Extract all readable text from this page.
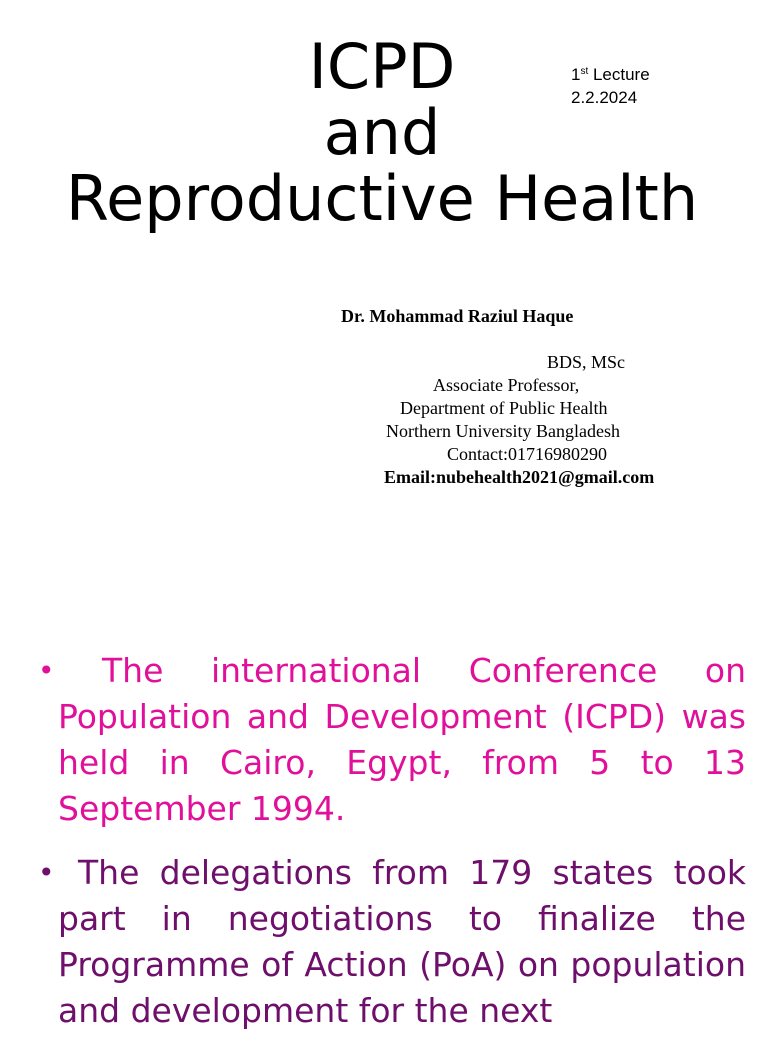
ICPD
and
Reproductive Health
1st Lecture
2.2.2024
Dr. Mohammad Raziul Haque
BDS, MSc
Associate Professor,
Department of Public Health
Northern University Bangladesh
Contact:01716980290
Email:nubehealth2021@gmail.com
•	The international Conference on Population and Development (ICPD) was held in Cairo, Egypt, from 5 to 13 September 1994.
• The delegations from 179 states took part in negotiations to finalize the Programme of Action (PoA) on population and development for the next
